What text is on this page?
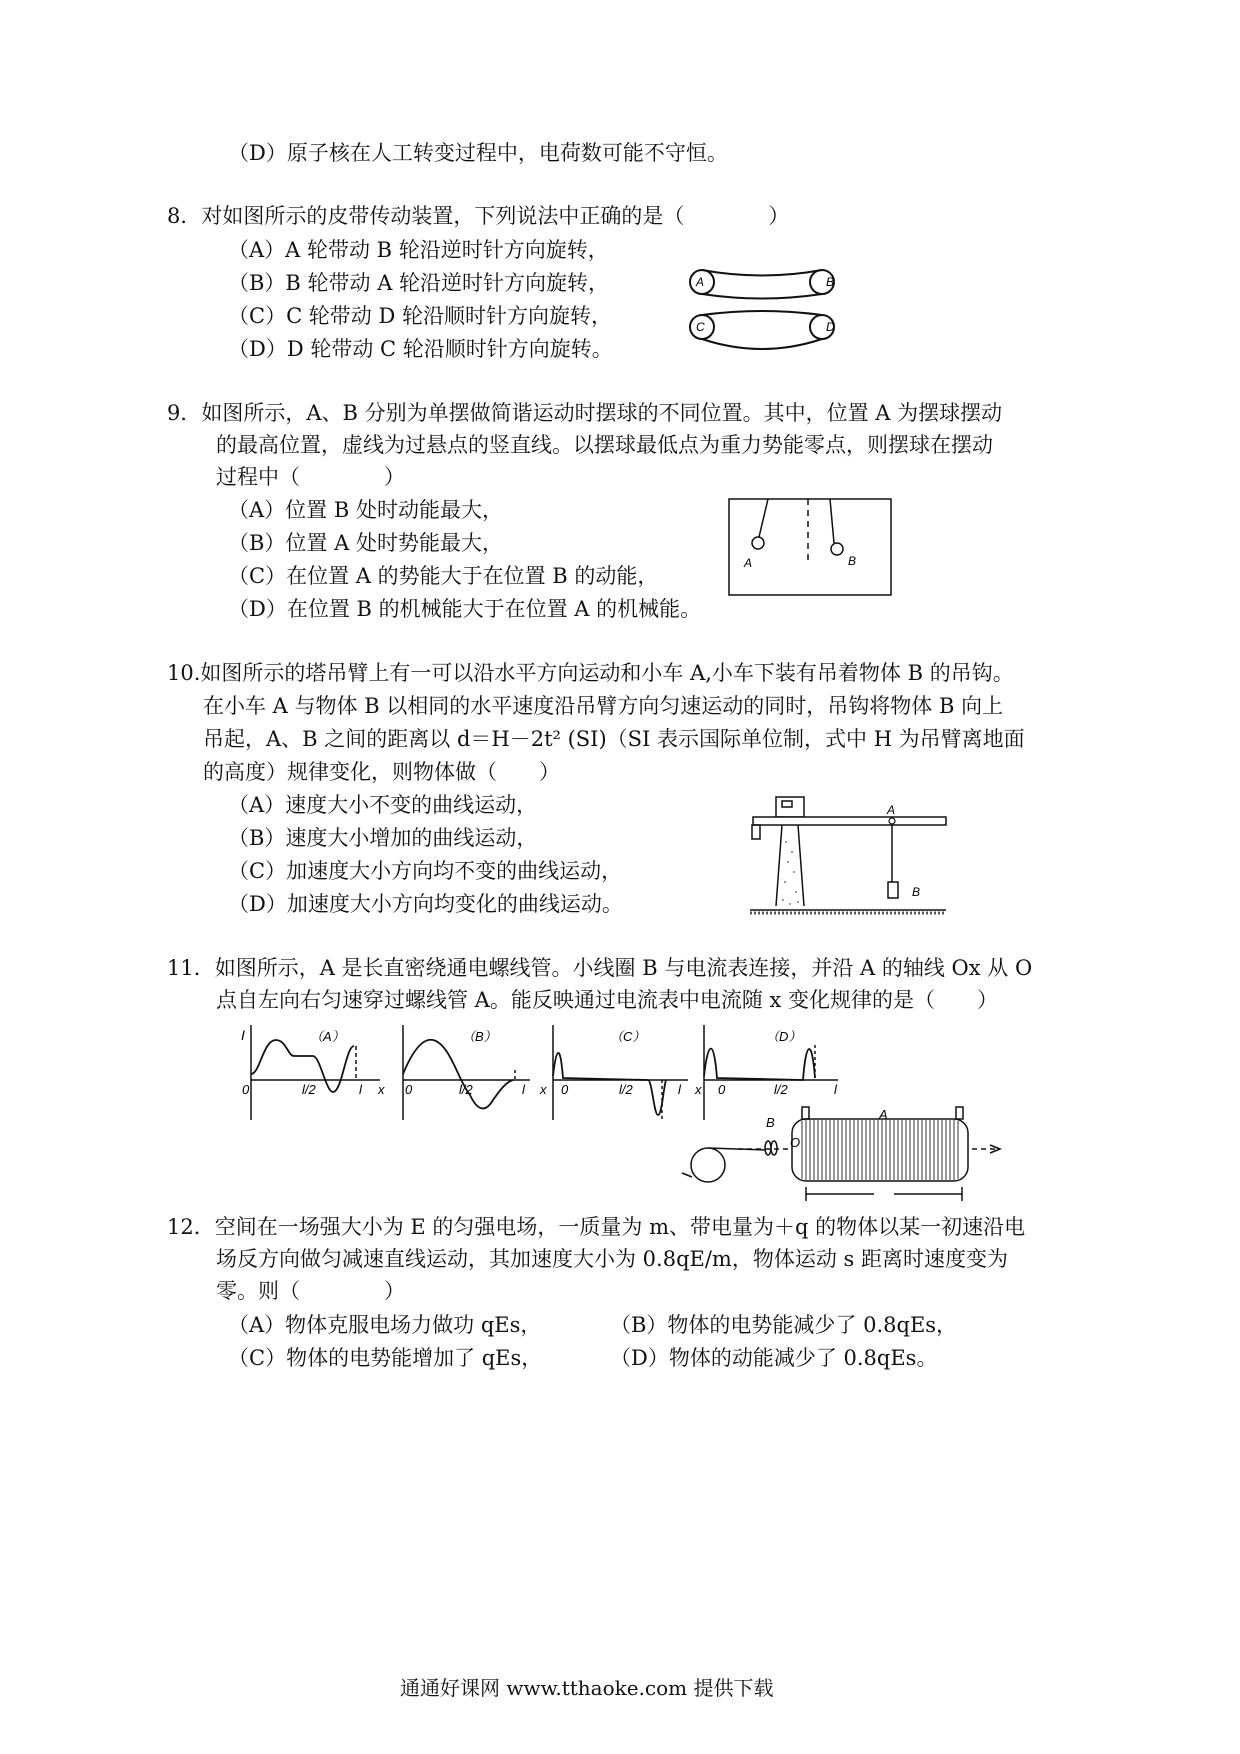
（D）原子核在人工转变过程中，电荷数可能不守恒。
8．对如图所示的皮带传动装置，下列说法中正确的是（　　　　）
（A）A 轮带动 B 轮沿逆时针方向旋转，
（B）B 轮带动 A 轮沿逆时针方向旋转，
（C）C 轮带动 D 轮沿顺时针方向旋转，
（D）D 轮带动 C 轮沿顺时针方向旋转。
9．如图所示，A、B 分别为单摆做简谐运动时摆球的不同位置。其中，位置 A 为摆球摆动
的最高位置，虚线为过悬点的竖直线。以摆球最低点为重力势能零点，则摆球在摆动
过程中（　　　　）
（A）位置 B 处时动能最大，
（B）位置 A 处时势能最大，
（C）在位置 A 的势能大于在位置 B 的动能，
（D）在位置 B 的机械能大于在位置 A 的机械能。
10.如图所示的塔吊臂上有一可以沿水平方向运动和小车 A,小车下装有吊着物体 B 的吊钩。
在小车 A 与物体 B 以相同的水平速度沿吊臂方向匀速运动的同时，吊钩将物体 B 向上
吊起，A、B 之间的距离以 d＝H－2t² (SI)（SI 表示国际单位制，式中 H 为吊臂离地面
的高度）规律变化，则物体做（　　）
（A）速度大小不变的曲线运动，
（B）速度大小增加的曲线运动，
（C）加速度大小方向均不变的曲线运动，
（D）加速度大小方向均变化的曲线运动。
11．如图所示，A 是长直密绕通电螺线管。小线圈 B 与电流表连接，并沿 A 的轴线 Ox 从 O
点自左向右匀速穿过螺线管 A。能反映通过电流表中电流随 x 变化规律的是（　　）
12．空间在一场强大小为 E 的匀强电场，一质量为 m、带电量为＋q 的物体以某一初速沿电
场反方向做匀减速直线运动，其加速度大小为 0.8qE/m，物体运动 s 距离时速度变为
零。则（　　　　）
（A）物体克服电场力做功 qEs，	（B）物体的电势能减少了 0.8qEs，
（C）物体的电势能增加了 qEs，	（D）物体的动能减少了 0.8qEs。
A	B
C	D
A	B
A
B
I	（A）
0	l/2	l x
（B）
0	l/2	l x
（C）
0	l/2	l x
（D）
0	l/2	l
B
A
O
通通好课网 www.tthaoke.com 提供下载
